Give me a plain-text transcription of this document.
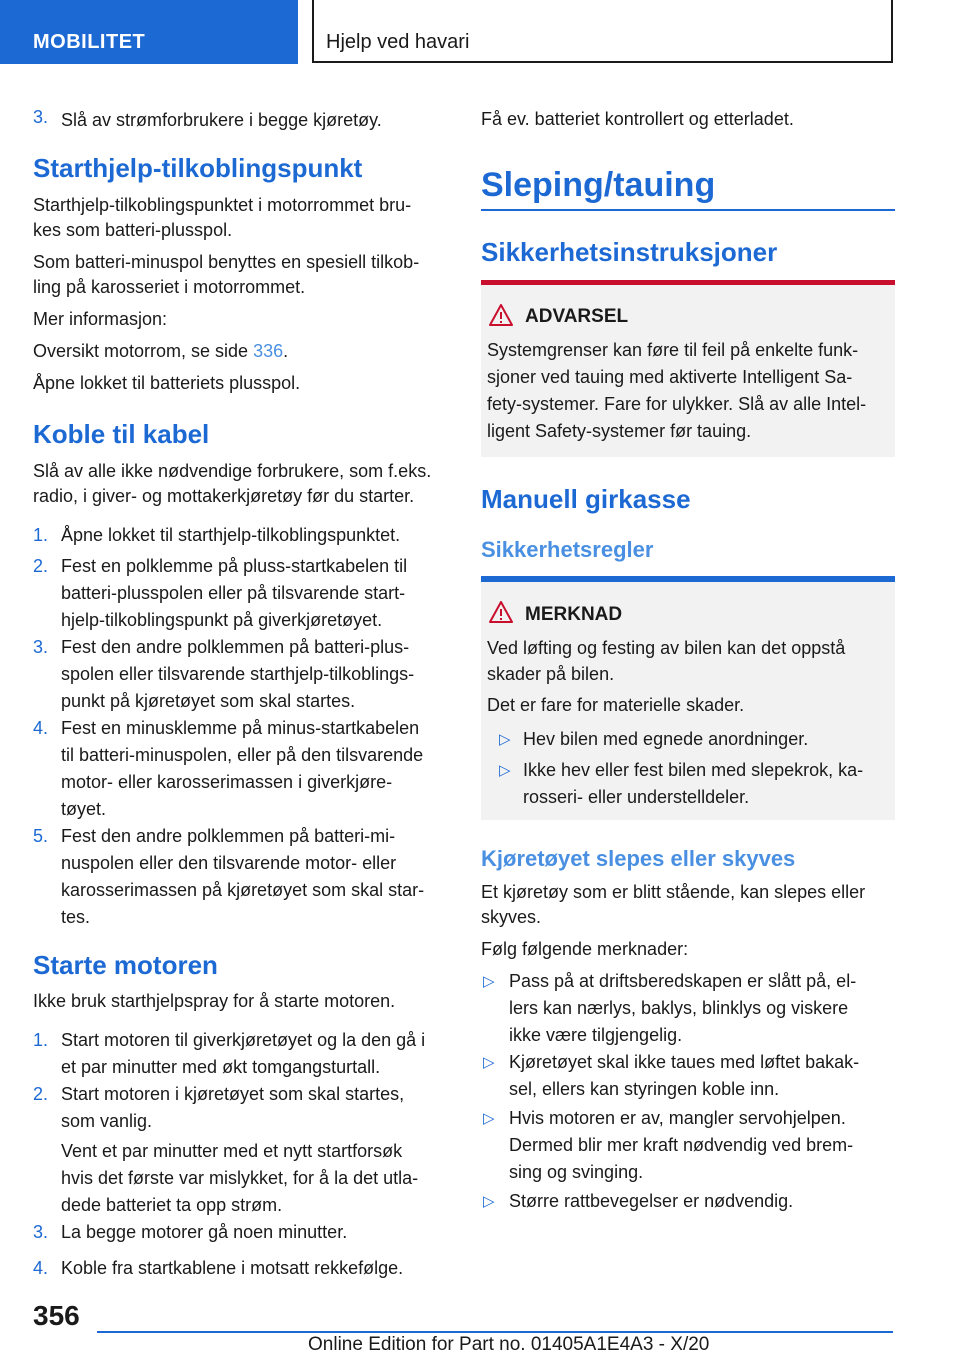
MOBILITET	Hjelp ved havari
3. Slå av strømforbrukere i begge kjøretøy.
Starthjelp-tilkoblingspunkt

Starthjelp-tilkoblingspunktet i motorrommet bru-

kes som batteri-plusspol.

Som batteri-minuspol benyttes en spesiell tilkob-

ling på karosseriet i motorrommet.

Mer informasjon:

Oversikt motorrom, se side 336.

Åpne lokket til batteriets plusspol.

Koble til kabel

Slå av alle ikke nødvendige forbrukere, som f.eks.

radio, i giver- og mottakerkjøretøy før du starter.

1. Åpne lokket til starthjelp-tilkoblingspunktet.
2. Fest en polklemme på pluss-startkabelen til
batteri-plusspolen eller på tilsvarende start-
hjelp-tilkoblingspunkt på giverkjøretøyet.
3. Fest den andre polklemmen på batteri-plus-
spolen eller tilsvarende starthjelp-tilkoblings-
punkt på kjøretøyet som skal startes.
4. Fest en minusklemme på minus-startkabelen
til batteri-minuspolen, eller på den tilsvarende
motor- eller karosserimassen i giverkjøre-
tøyet.
5. Fest den andre polklemmen på batteri-mi-
nuspolen eller den tilsvarende motor- eller
karosserimassen på kjøretøyet som skal star-
tes.
Starte motoren

Ikke bruk starthjelpspray for å starte motoren.

1. Start motoren til giverkjøretøyet og la den gå i
et par minutter med økt tomgangsturtall.
2. Start motoren i kjøretøyet som skal startes,
som vanlig.
Vent et par minutter med et nytt startforsøk
hvis det første var mislykket, for å la det utla-
dede batteriet ta opp strøm.
3. La begge motorer gå noen minutter.
4. Koble fra startkablene i motsatt rekkefølge.

Få ev. batteriet kontrollert og etterladet.

Sleping/tauing
Sikkerhetsinstruksjoner
ADVARSEL
Systemgrenser kan føre til feil på enkelte funk-
sjoner ved tauing med aktiverte Intelligent Sa-
fety-systemer. Fare for ulykker. Slå av alle Intel-
ligent Safety-systemer før tauing.
Manuell girkasse
Sikkerhetsregler
MERKNAD
Ved løfting og festing av bilen kan det oppstå
skader på bilen.

Det er fare for materielle skader.

▷ Hev bilen med egnede anordninger.
▷ Ikke hev eller fest bilen med slepekrok, ka-
rosseri- eller understelldeler.
Kjøretøyet slepes eller skyves

Et kjøretøy som er blitt stående, kan slepes eller

skyves.

Følg følgende merknader:

▷ Pass på at driftsberedskapen er slått på, el-
lers kan nærlys, baklys, blinklys og viskere
ikke være tilgjengelig.
▷ Kjøretøyet skal ikke taues med løftet bakak-
sel, ellers kan styringen koble inn.
▷ Hvis motoren er av, mangler servohjelpen.
Dermed blir mer kraft nødvendig ved brem-
sing og svinging.
▷ Større rattbevegelser er nødvendig.
356
Online Edition for Part no. 01405A1E4A3 - X/20
